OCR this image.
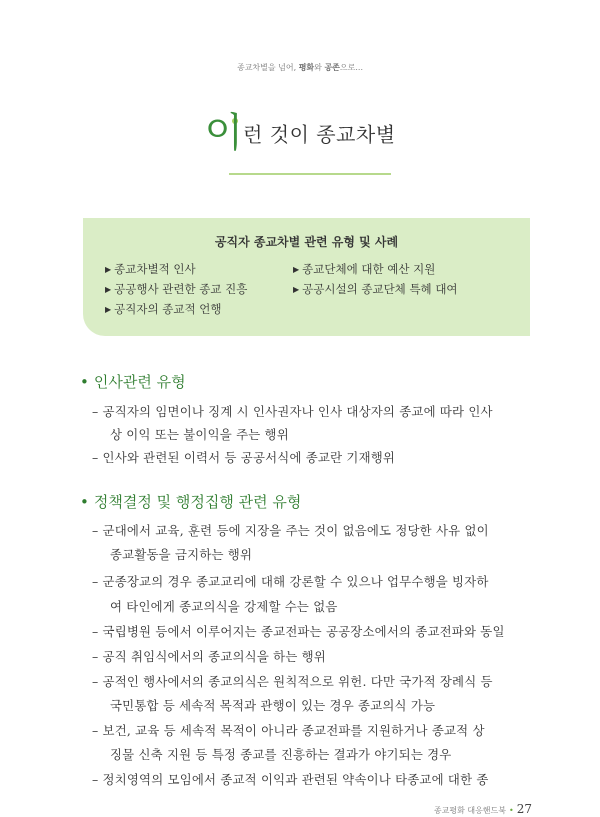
종교차별을 넘어, 평화와 공존으로...
이런 것이 종교차별
공직자 종교차별 관련 유형 및 사례
▶ 종교차별적 인사	▶ 종교단체에 대한 예산 지원
▶ 공공행사 관련한 종교 진흥	▶ 공공시설의 종교단체 특혜 대여
▶ 공직자의 종교적 언행
• 인사관련 유형
– 공직자의 임면이나 징계 시 인사권자나 인사 대상자의 종교에 따라 인사
상 이익 또는 불이익을 주는 행위
– 인사와 관련된 이력서 등 공공서식에 종교란 기재행위
• 정책결정 및 행정집행 관련 유형
– 군대에서 교육, 훈련 등에 지장을 주는 것이 없음에도 정당한 사유 없이
종교활동을 금지하는 행위
– 군종장교의 경우 종교교리에 대해 강론할 수 있으나 업무수행을 빙자하
여 타인에게 종교의식을 강제할 수는 없음
– 국립병원 등에서 이루어지는 종교전파는 공공장소에서의 종교전파와 동일
– 공직 취임식에서의 종교의식을 하는 행위
– 공적인 행사에서의 종교의식은 원칙적으로 위헌. 다만 국가적 장례식 등
국민통합 등 세속적 목적과 관행이 있는 경우 종교의식 가능
– 보건, 교육 등 세속적 목적이 아니라 종교전파를 지원하거나 종교적 상
징물 신축 지원 등 특정 종교를 진흥하는 결과가 야기되는 경우
– 정치영역의 모임에서 종교적 이익과 관련된 약속이나 타종교에 대한 종
종교평화 대응핸드북 • 27
